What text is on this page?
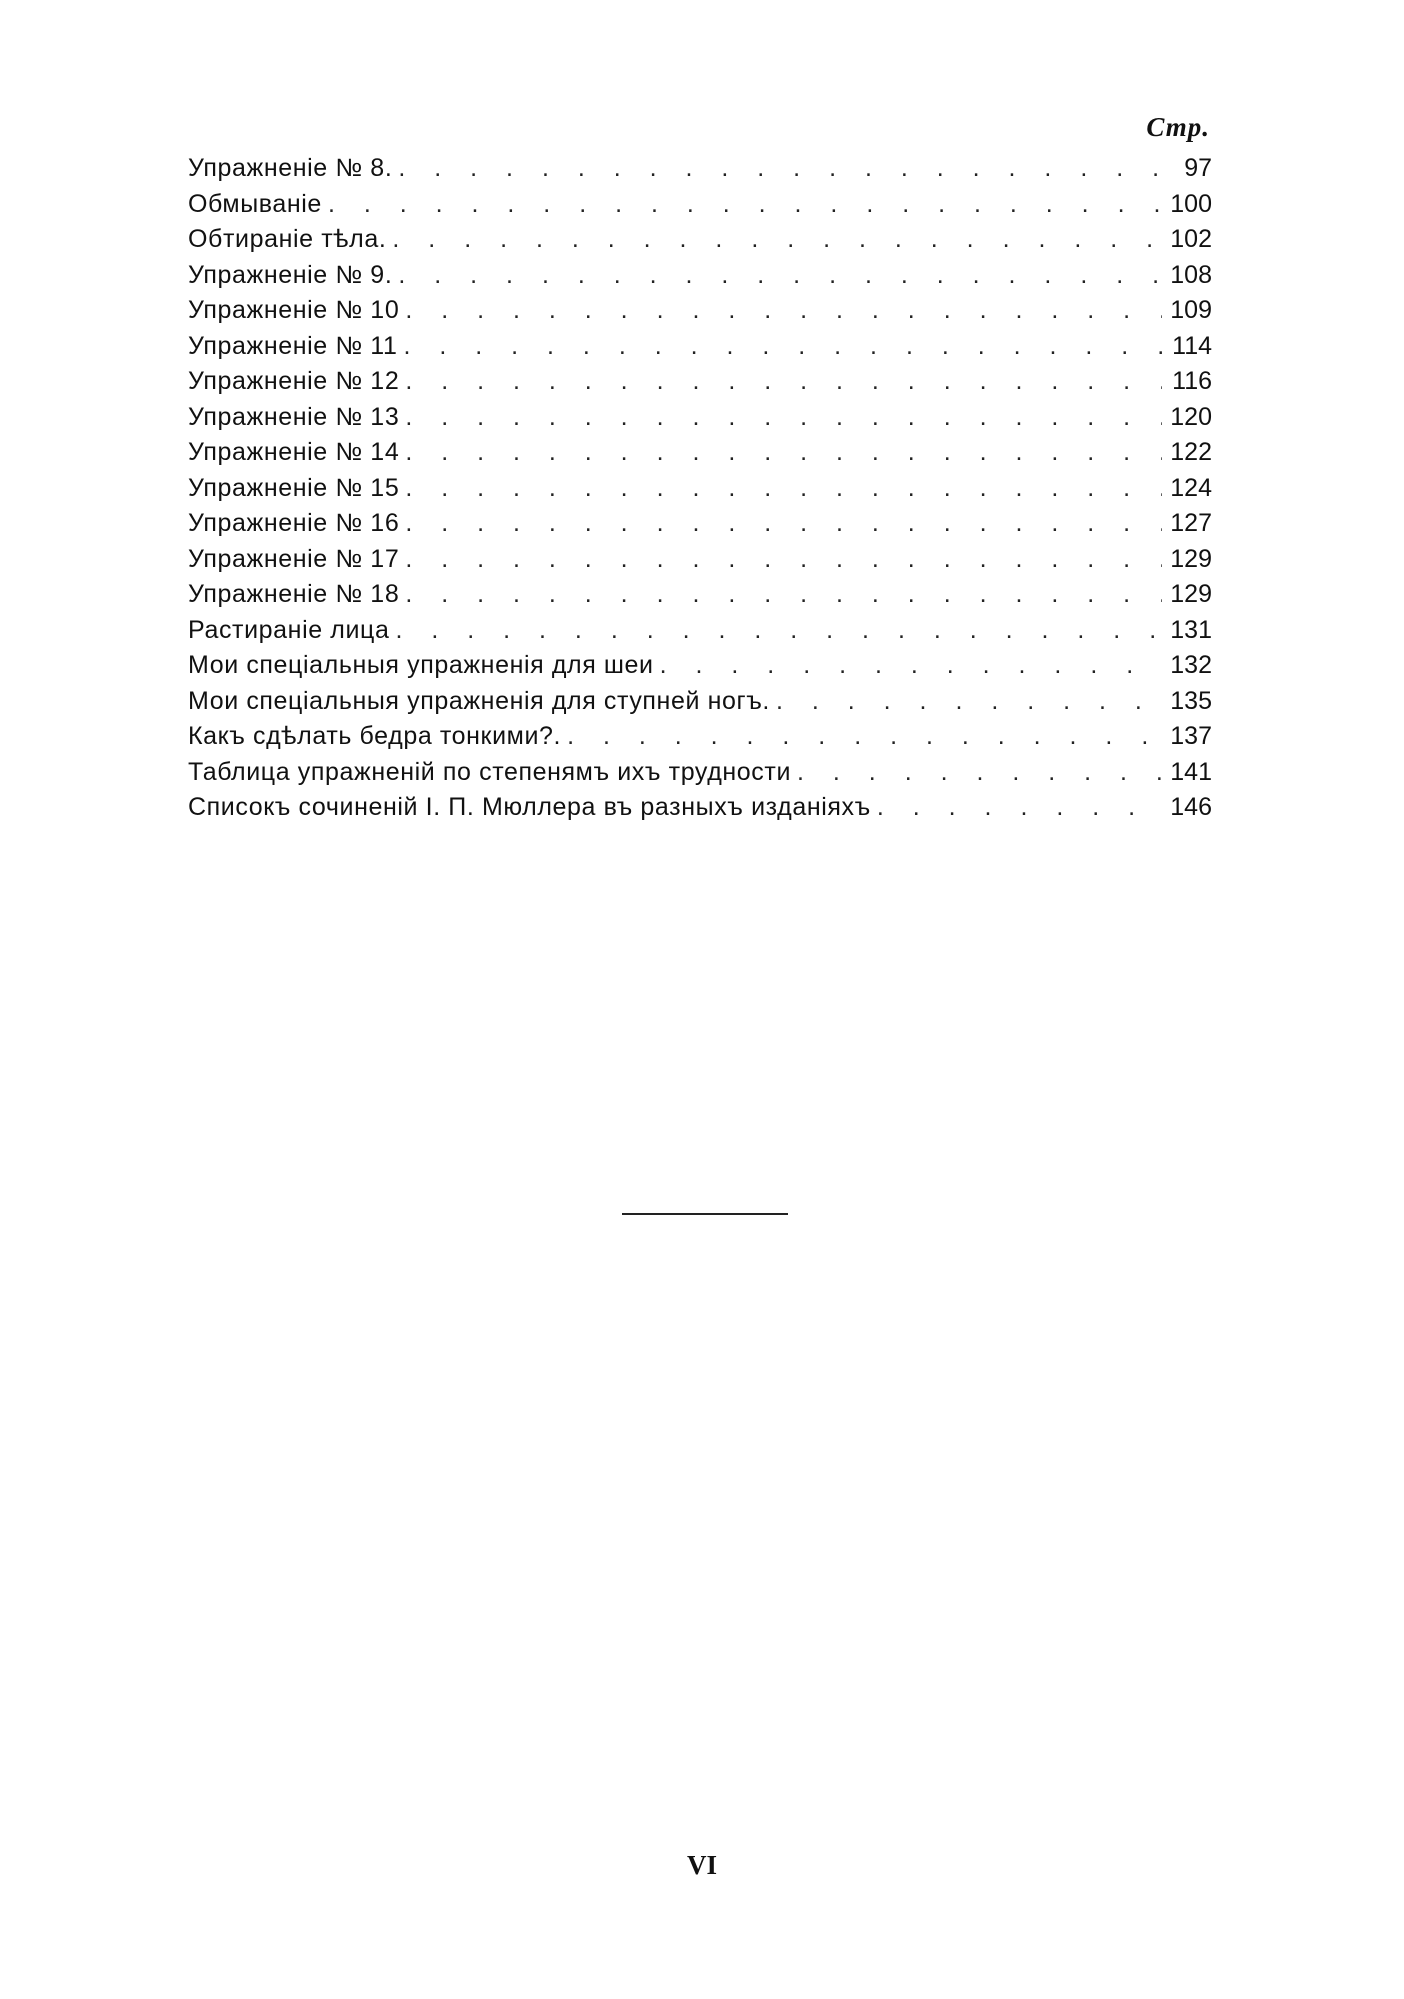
Стр.
Упражненіе № 8. . . .	97
Обмываніе . . .	100
Обтираніе тѣла. . . .	102
Упражненіе № 9. . . .	108
Упражненіе № 10 . . .	109
Упражненіе № 11 . . .	114
Упражненіе № 12 . . .	116
Упражненіе № 13 . . .	120
Упражненіе № 14 . . .	122
Упражненіе № 15 . . .	124
Упражненіе № 16 . . .	127
Упражненіе № 17 . . .	129
Упражненіе № 18 . . .	129
Растираніе лица . . .	131
Мои спеціальныя упражненія для шеи . . .	132
Мои спеціальныя упражненія для ступней ногъ. . . .	135
Какъ сдѣлать бедра тонкими?. . . .	137
Таблица упражненій по степенямъ ихъ трудности . . .	141
Списокъ сочиненій I. П. Мюллера въ разныхъ изданіяхъ . . .	146
VI
